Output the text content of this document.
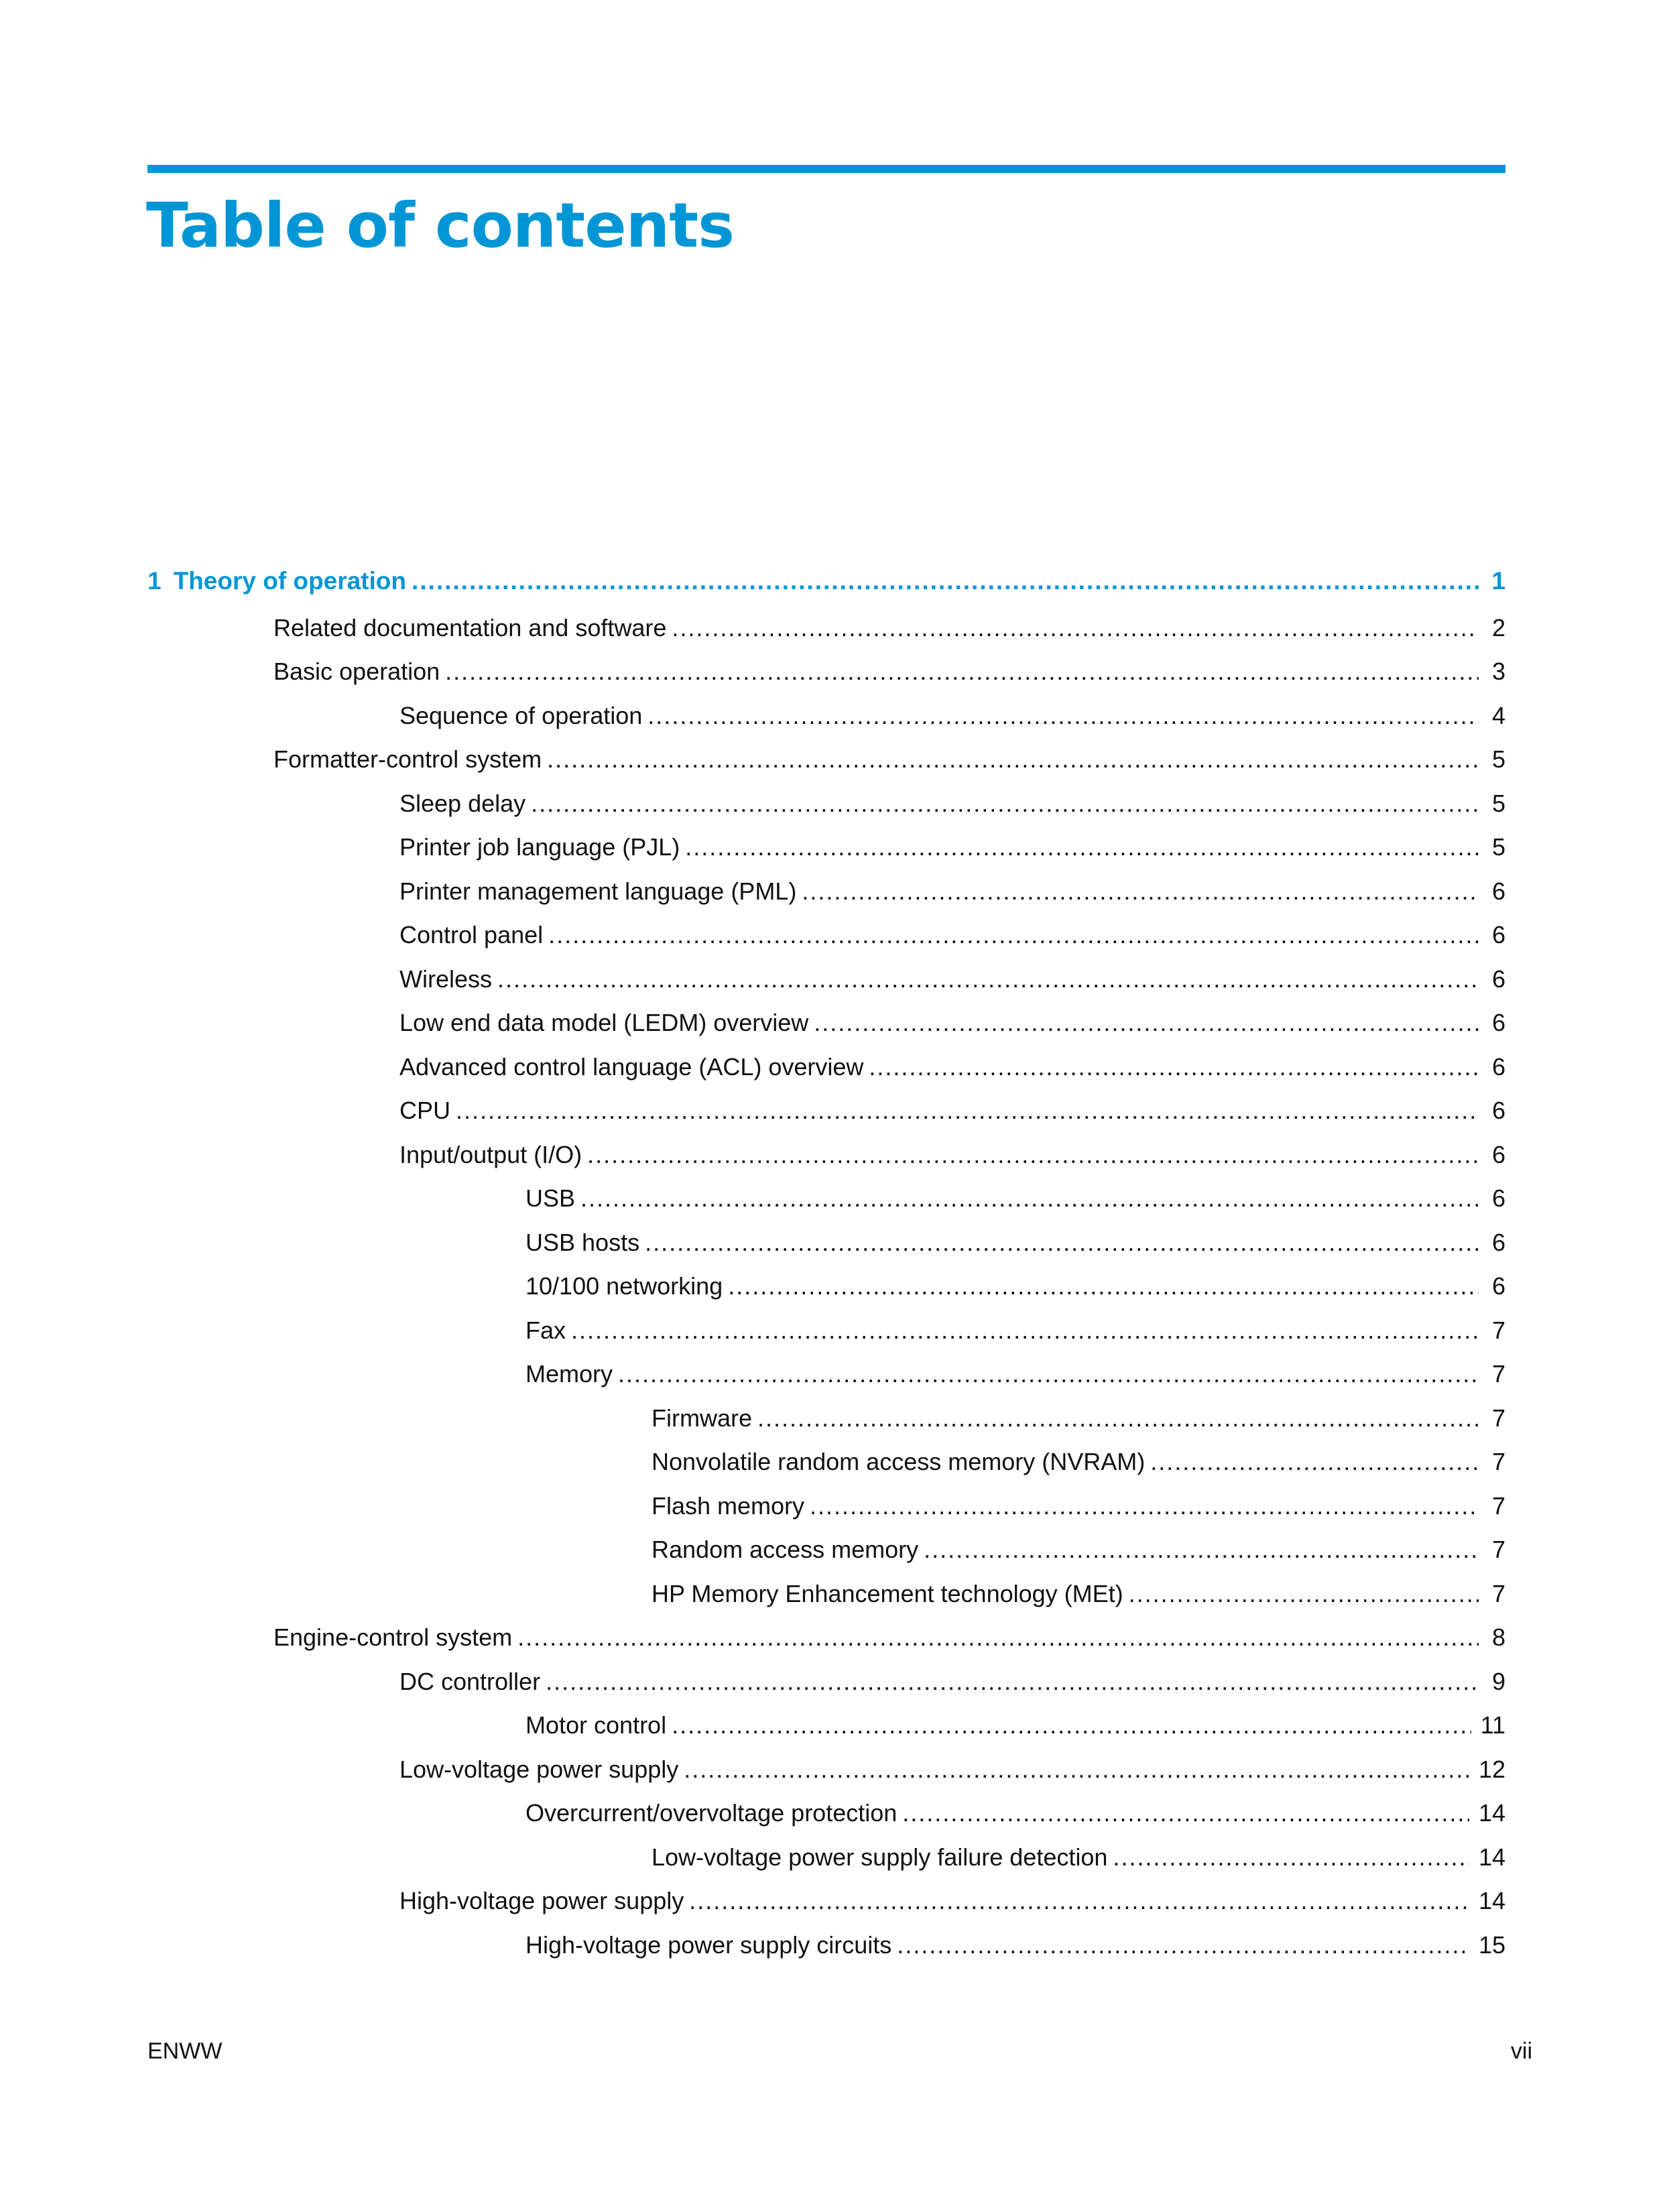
Table of contents
1 Theory of operation .....	1
Related documentation and software .....	2
Basic operation .....	3
Sequence of operation .....	4
Formatter-control system .....	5
Sleep delay .....	5
Printer job language (PJL) .....	5
Printer management language (PML) .....	6
Control panel .....	6
Wireless .....	6
Low end data model (LEDM) overview .....	6
Advanced control language (ACL) overview .....	6
CPU .....	6
Input/output (I/O) .....	6
USB .....	6
USB hosts .....	6
10/100 networking .....	6
Fax .....	7
Memory .....	7
Firmware .....	7
Nonvolatile random access memory (NVRAM) .....	7
Flash memory .....	7
Random access memory .....	7
HP Memory Enhancement technology (MEt) .....	7
Engine-control system .....	8
DC controller .....	9
Motor control .....	11
Low-voltage power supply .....	12
Overcurrent/overvoltage protection .....	14
Low-voltage power supply failure detection .....	14
High-voltage power supply .....	14
High-voltage power supply circuits .....	15
ENWW	vii
